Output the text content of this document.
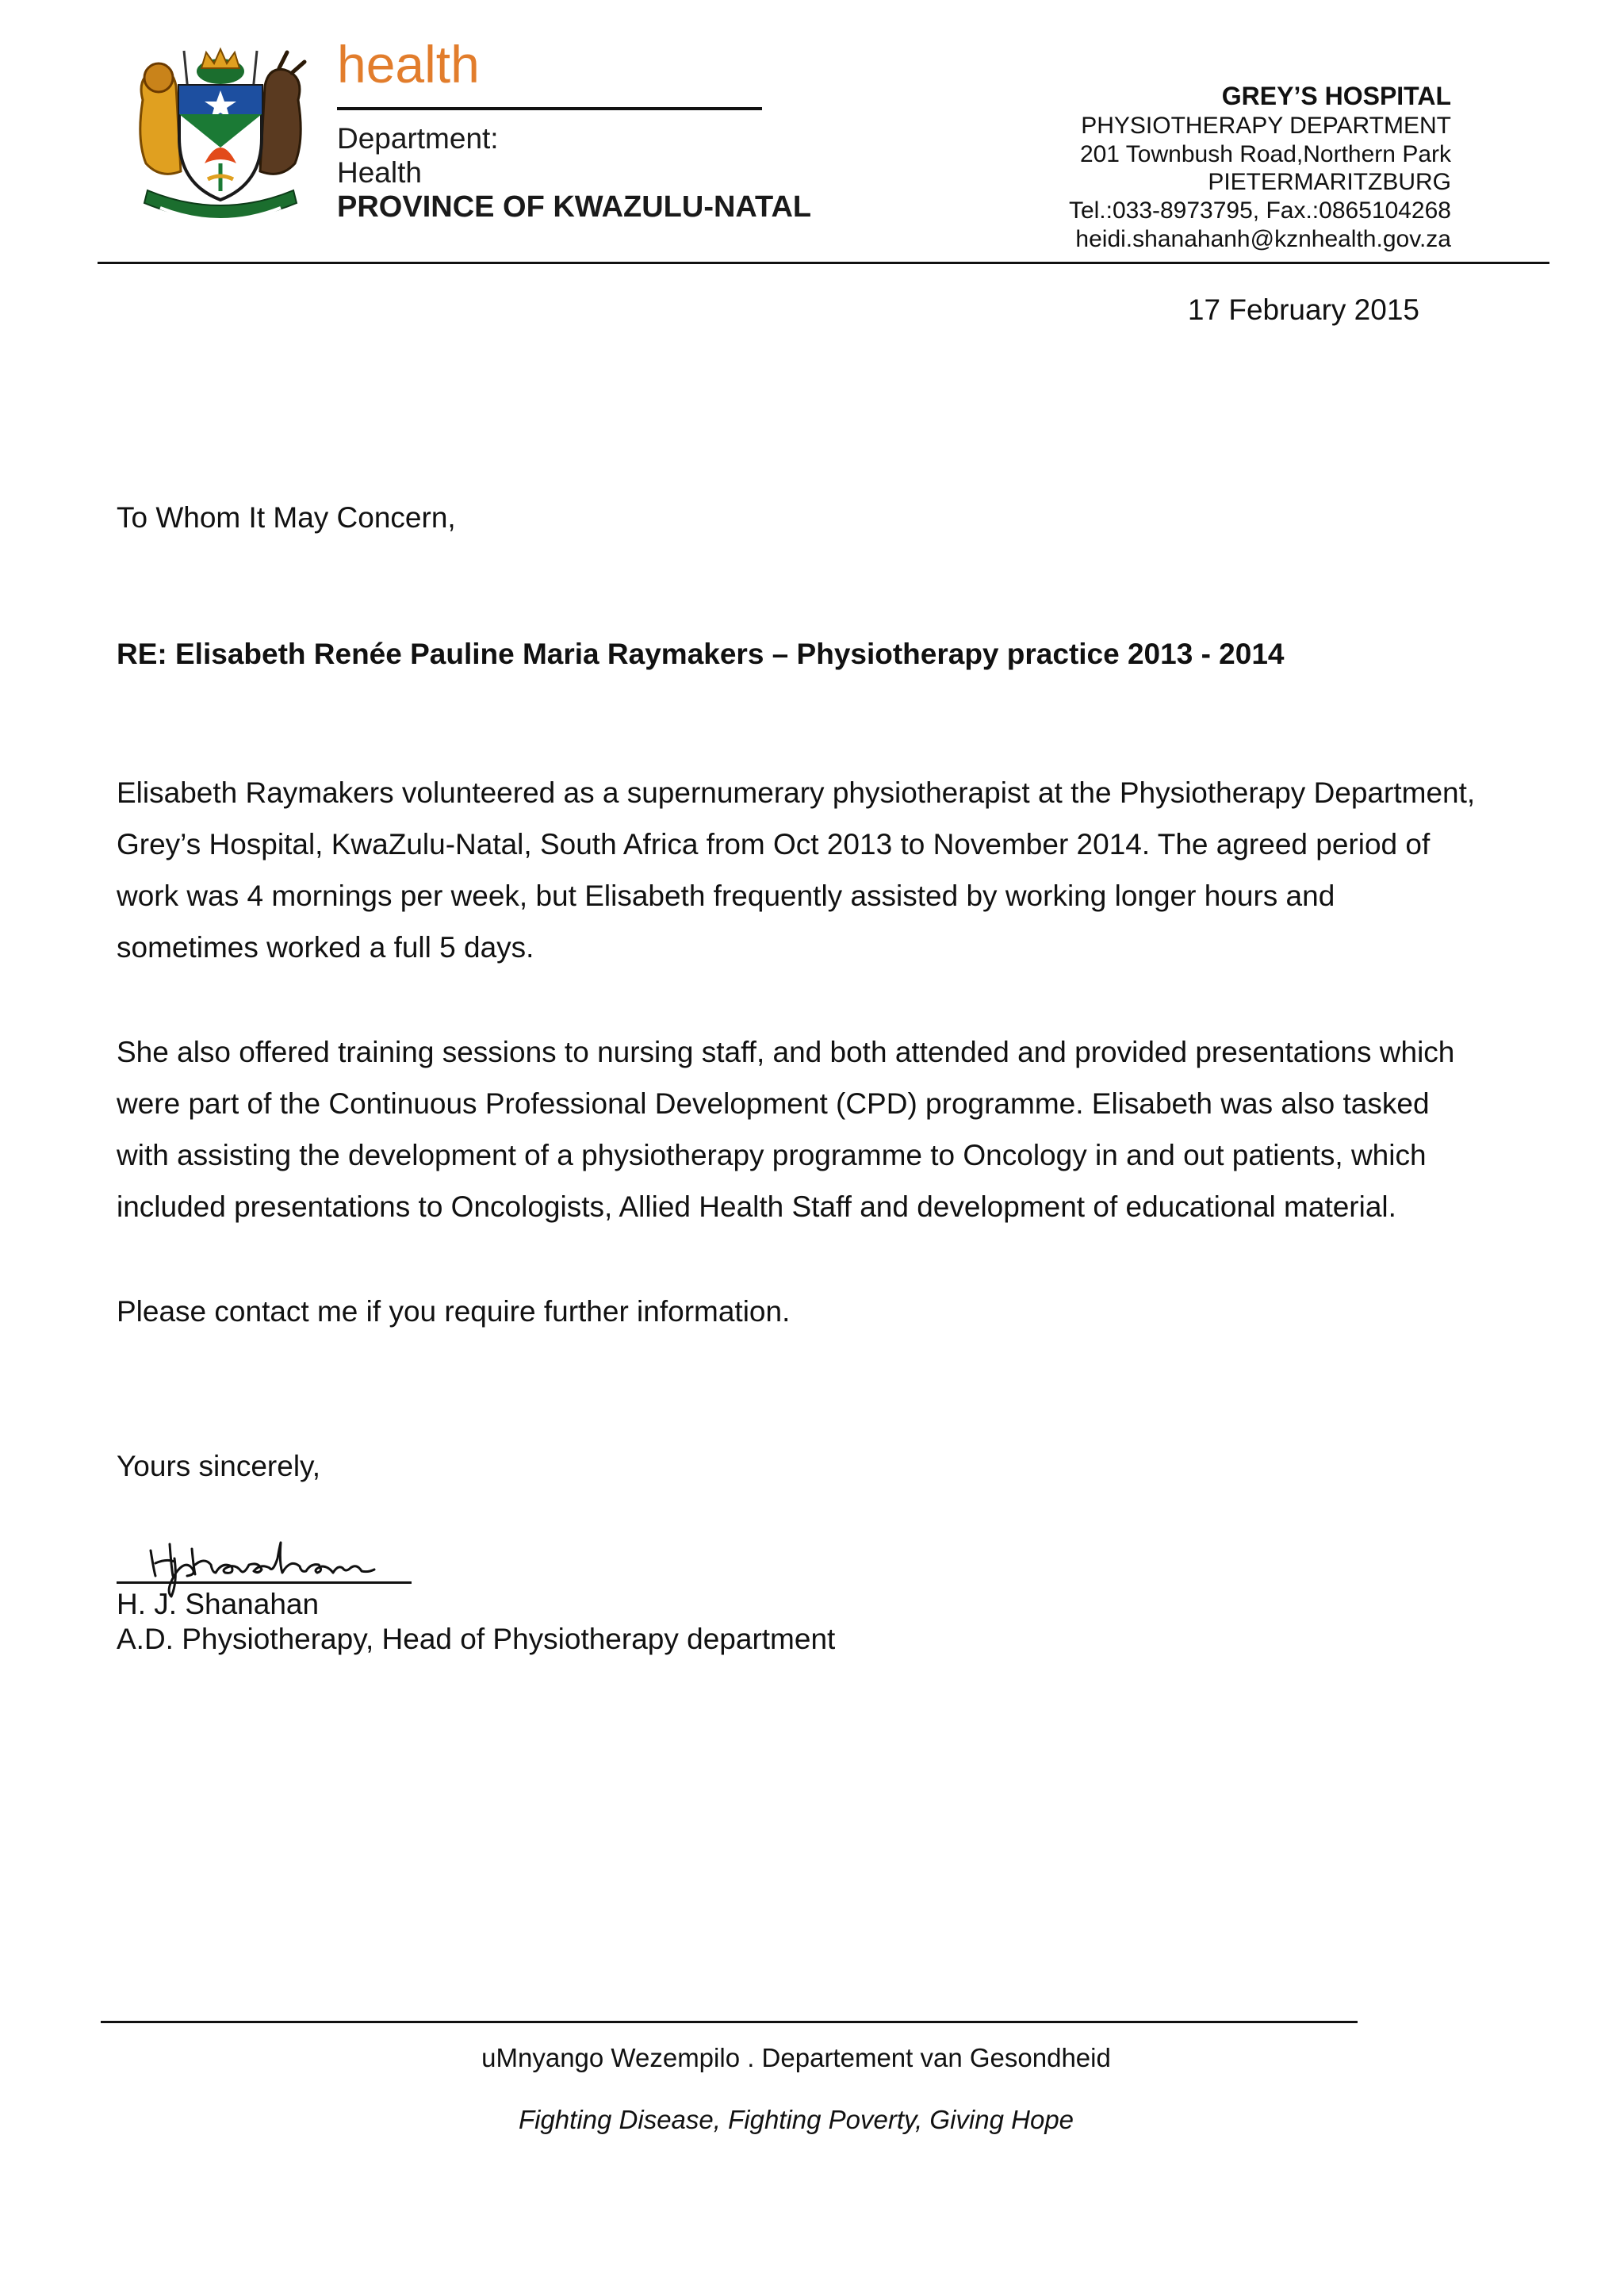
health
Department:
Health
PROVINCE OF KWAZULU-NATAL
GREY’S HOSPITAL
PHYSIOTHERAPY DEPARTMENT
201 Townbush Road,Northern Park
PIETERMARITZBURG
Tel.:033-8973795, Fax.:0865104268
heidi.shanahanh@kznhealth.gov.za
17 February 2015
To Whom It May Concern,
RE: Elisabeth Renée Pauline Maria Raymakers – Physiotherapy practice 2013 - 2014
Elisabeth Raymakers volunteered as a supernumerary physiotherapist at the Physiotherapy Department,
Grey’s Hospital, KwaZulu-Natal, South Africa from Oct 2013 to November 2014. The agreed period of
work was 4 mornings per week, but Elisabeth frequently assisted by working longer hours and
sometimes worked a full 5 days.
She also offered training sessions to nursing staff, and both attended and provided presentations which
were part of the Continuous Professional Development (CPD) programme. Elisabeth was also tasked
with assisting the development of a physiotherapy programme to Oncology in and out patients, which
included presentations to Oncologists, Allied Health Staff and development of educational material.
Please contact me if you require further information.
Yours sincerely,
H. J. Shanahan
A.D. Physiotherapy, Head of Physiotherapy department
uMnyango Wezempilo . Departement van Gesondheid
Fighting Disease, Fighting Poverty, Giving Hope
